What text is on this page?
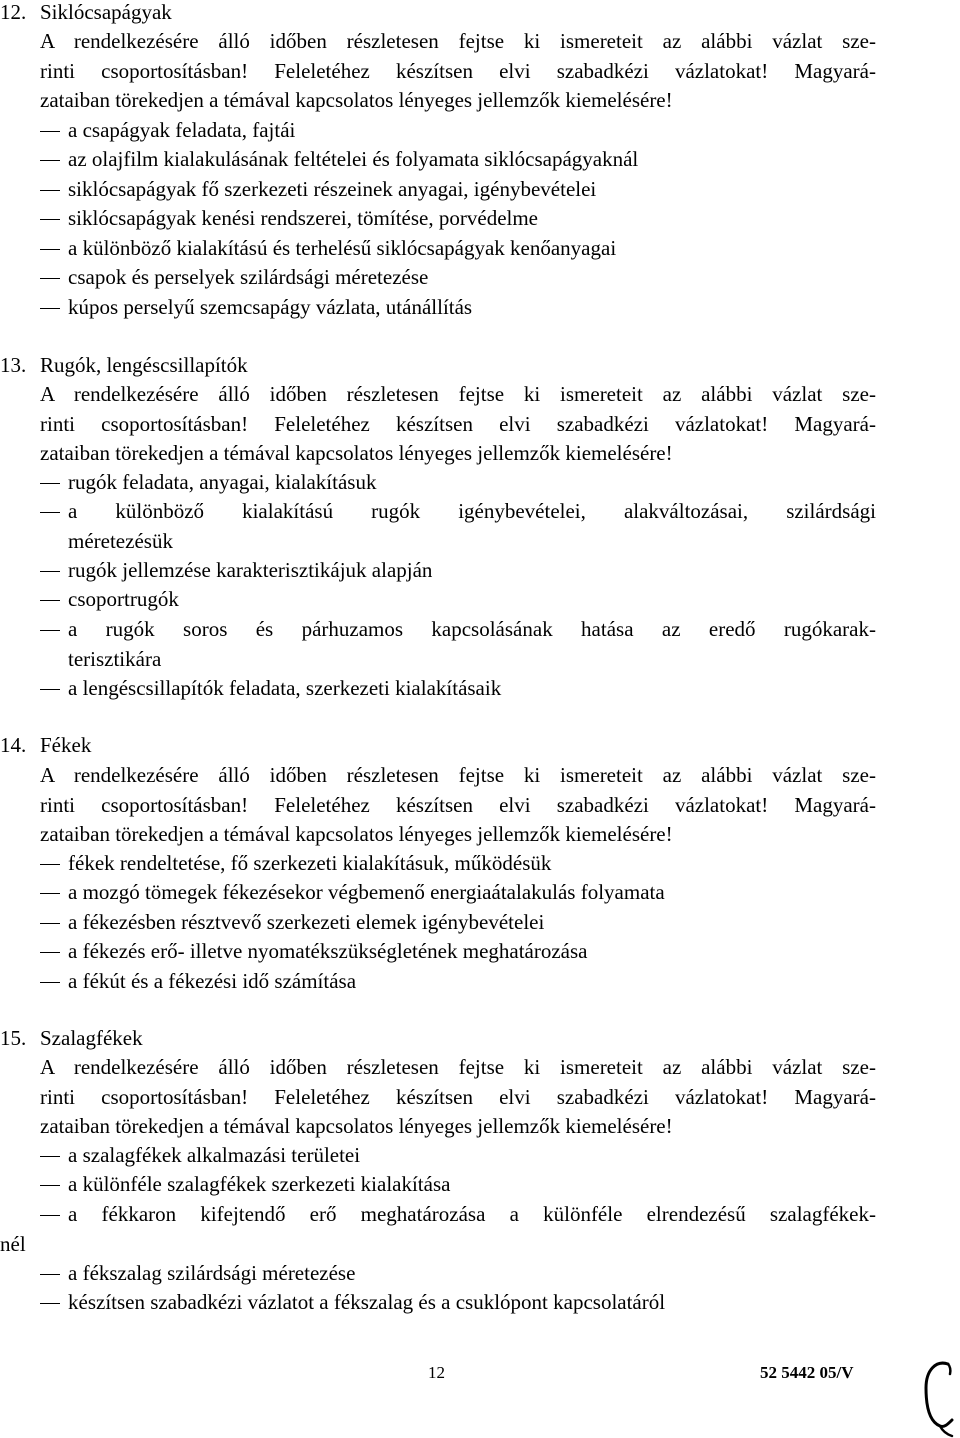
12. Siklócsapágyak
A rendelkezésére álló időben részletesen fejtse ki ismereteit az alábbi vázlat sze-
rinti csoportosításban! Feleletéhez készítsen elvi szabadkézi vázlatokat! Magyará-
zataiban törekedjen a témával kapcsolatos lényeges jellemzők kiemelésére!
a csapágyak feladata, fajtái
az olajfilm kialakulásának feltételei és folyamata siklócsapágyaknál
siklócsapágyak fő szerkezeti részeinek anyagai, igénybevételei
siklócsapágyak kenési rendszerei, tömítése, porvédelme
a különböző kialakítású és terhelésű siklócsapágyak kenőanyagai
csapok és perselyek szilárdsági méretezése
kúpos perselyű szemcsapágy vázlata, utánállítás
13. Rugók, lengéscsillapítók
A rendelkezésére álló időben részletesen fejtse ki ismereteit az alábbi vázlat sze-
rinti csoportosításban! Feleletéhez készítsen elvi szabadkézi vázlatokat! Magyará-
zataiban törekedjen a témával kapcsolatos lényeges jellemzők kiemelésére!
rugók feladata, anyagai, kialakításuk
a különböző kialakítású rugók igénybevételei, alakváltozásai, szilárdsági
méretezésük
rugók jellemzése karakterisztikájuk alapján
csoportrugók
a rugók soros és párhuzamos kapcsolásának hatása az eredő rugókarak-
terisztikára
a lengéscsillapítók feladata, szerkezeti kialakításaik
14. Fékek
A rendelkezésére álló időben részletesen fejtse ki ismereteit az alábbi vázlat sze-
rinti csoportosításban! Feleletéhez készítsen elvi szabadkézi vázlatokat! Magyará-
zataiban törekedjen a témával kapcsolatos lényeges jellemzők kiemelésére!
fékek rendeltetése, fő szerkezeti kialakításuk, működésük
a mozgó tömegek fékezésekor végbemenő energiaátalakulás folyamata
a fékezésben résztvevő szerkezeti elemek igénybevételei
a fékezés erő- illetve nyomatékszükségletének meghatározása
a fékút és a fékezési idő számítása
15. Szalagfékek
A rendelkezésére álló időben részletesen fejtse ki ismereteit az alábbi vázlat sze-
rinti csoportosításban! Feleletéhez készítsen elvi szabadkézi vázlatokat! Magyará-
zataiban törekedjen a témával kapcsolatos lényeges jellemzők kiemelésére!
a szalagfékek alkalmazási területei
a különféle szalagfékek szerkezeti kialakítása
a fékkaron kifejtendő erő meghatározása a különféle elrendezésű szalagfékek-
nél
a fékszalag szilárdsági méretezése
készítsen szabadkézi vázlatot a fékszalag és a csuklópont kapcsolatáról
12	52 5442 05/V
